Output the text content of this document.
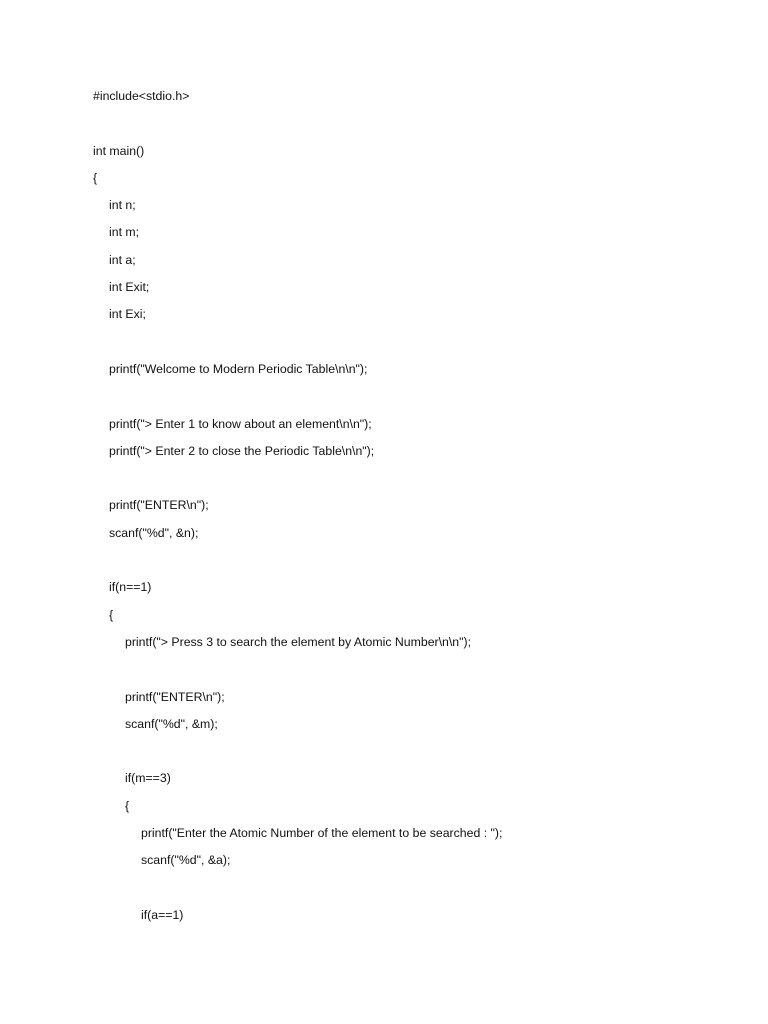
#include<stdio.h>
int main()
{
int n;
int m;
int a;
int Exit;
int Exi;
printf("Welcome to Modern Periodic Table\n\n");
printf("> Enter 1 to know about an element\n\n");
printf("> Enter 2 to close the Periodic Table\n\n");
printf("ENTER\n");
scanf("%d", &n);
if(n==1)
{
printf("> Press 3 to search the element by Atomic Number\n\n");
printf("ENTER\n");
scanf("%d", &m);
if(m==3)
{
printf("Enter the Atomic Number of the element to be searched : ");
scanf("%d", &a);
if(a==1)
